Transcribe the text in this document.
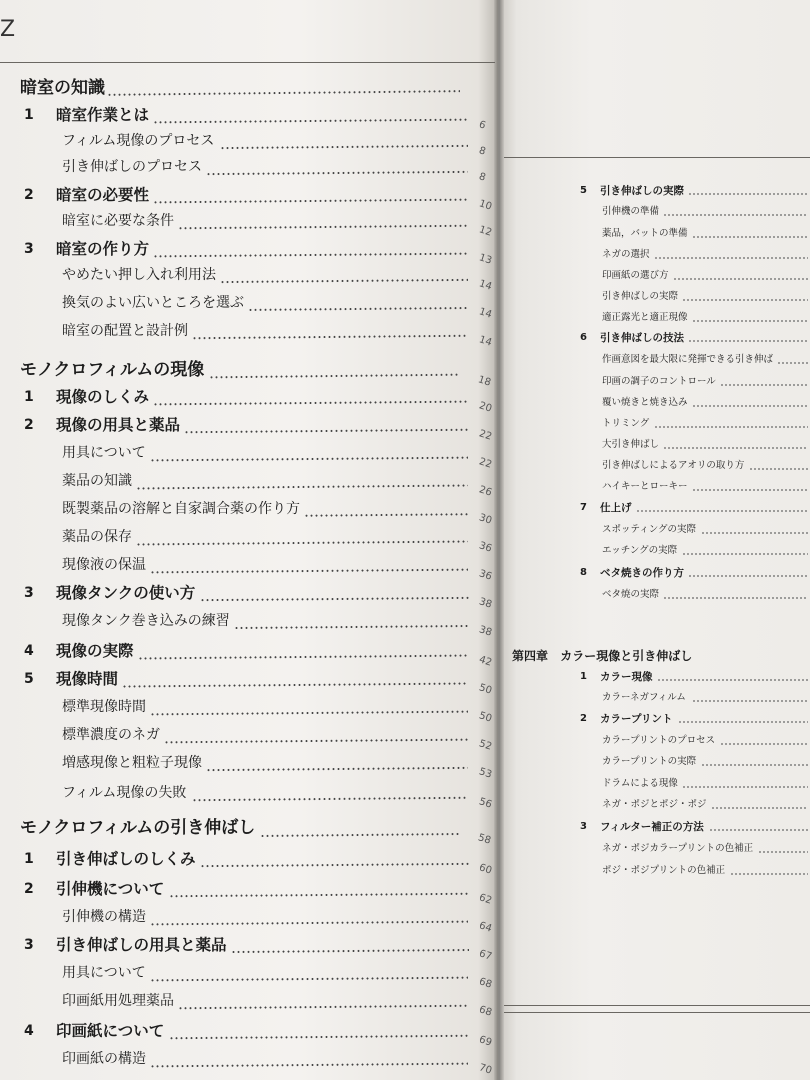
Z
暗室の知識
モノクロフィルムの現像
18
モノクロフィルムの引き伸ばし
58
1 暗室作業とは
6
フィルム現像のプロセス
8
引き伸ばしのプロセス
8
2 暗室の必要性
10
暗室に必要な条件
12
3 暗室の作り方
13
やめたい押し入れ利用法
14
換気のよい広いところを選ぶ
14
暗室の配置と設計例
14
1 現像のしくみ
20
2 現像の用具と薬品
22
用具について
22
薬品の知識
26
既製薬品の溶解と自家調合薬の作り方
30
薬品の保存
36
現像液の保温
36
3 現像タンクの使い方
38
現像タンク巻き込みの練習
38
4 現像の実際
42
5 現像時間
50
標準現像時間
50
標準濃度のネガ
52
増感現像と粗粒子現像
53
フィルム現像の失敗
56
1 引き伸ばしのしくみ
60
2 引伸機について
62
引伸機の構造
64
3 引き伸ばしの用具と薬品
67
用具について
68
印画紙用処理薬品
68
4 印画紙について
69
印画紙の構造
70
5 引き伸ばしの実際
引伸機の準備
薬品，バットの準備
ネガの選択
印画紙の選び方
引き伸ばしの実際
適正露光と適正現像
6 引き伸ばしの技法
作画意図を最大限に発揮できる引き伸ば
印画の調子のコントロール
覆い焼きと焼き込み
トリミング
大引き伸ばし
引き伸ばしによるアオリの取り方
ハイキーとローキー
7 仕上げ
スポッティングの実際
エッチングの実際
8 ベタ焼きの作り方
ベタ焼の実際
1 カラー現像
カラーネガフィルム
2 カラープリント
カラープリントのプロセス
カラープリントの実際
ドラムによる現像
ネガ・ポジとポジ・ポジ
3 フィルター補正の方法
ネガ・ポジカラープリントの色補正
ポジ・ポジプリントの色補正
第四章 カラー現像と引き伸ばし
